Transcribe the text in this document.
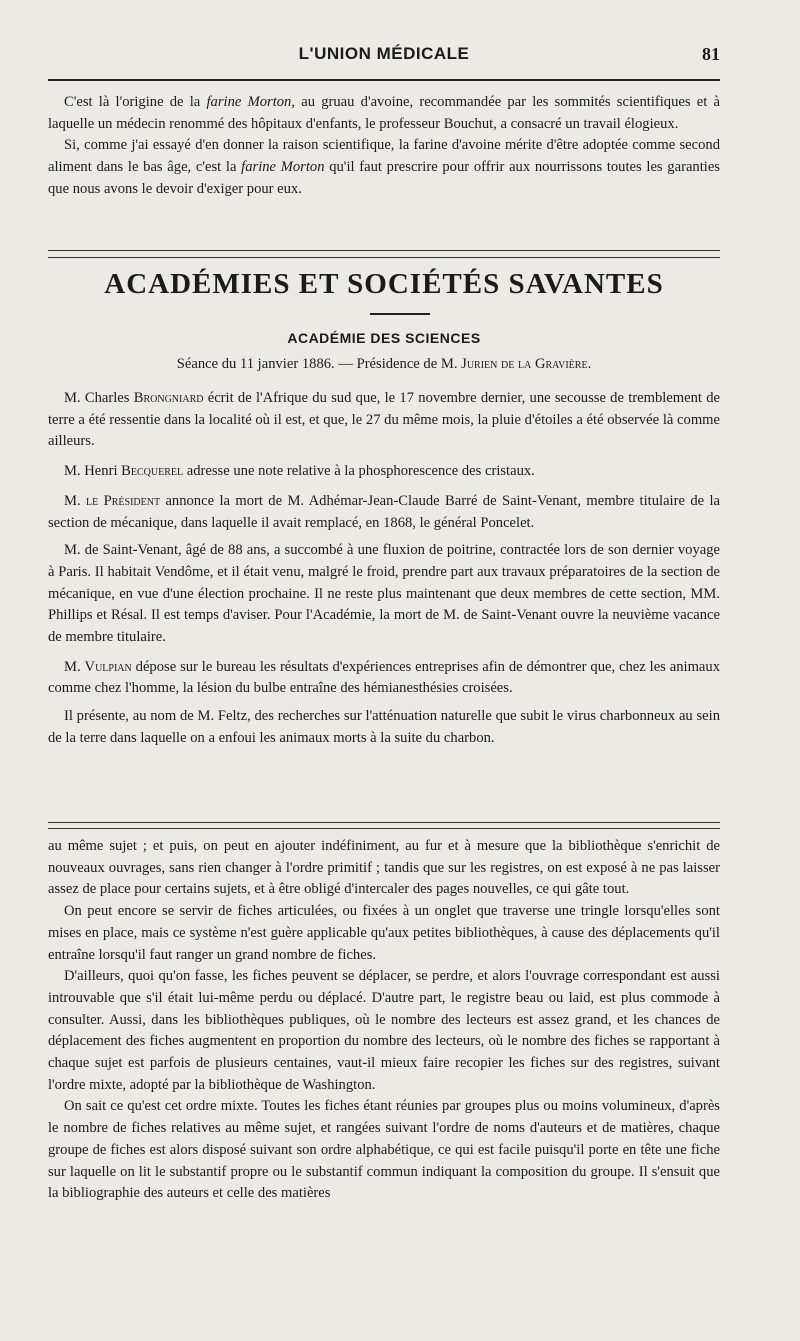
L'UNION MÉDICALE	81

C'est là l'origine de la farine Morton, au gruau d'avoine, recommandée par les sommités scientifiques et à laquelle un médecin renommé des hôpitaux d'enfants, le professeur Bouchut, a consacré un travail élogieux.

Si, comme j'ai essayé d'en donner la raison scientifique, la farine d'avoine mérite d'être adoptée comme second aliment dans le bas âge, c'est la farine Morton qu'il faut prescrire pour offrir aux nourrissons toutes les garanties que nous avons le devoir d'exiger pour eux.

ACADÉMIES ET SOCIÉTÉS SAVANTES
ACADÉMIE DES SCIENCES
Séance du 11 janvier 1886. — Présidence de M. Jurien de la Gravière.

M. Charles Brongniard écrit de l'Afrique du sud que, le 17 novembre dernier, une secousse de tremblement de terre a été ressentie dans la localité où il est, et que, le 27 du même mois, la pluie d'étoiles a été observée là comme ailleurs.

M. Henri Becquerel adresse une note relative à la phosphorescence des cristaux.

M. le Président annonce la mort de M. Adhémar-Jean-Claude Barré de Saint-Venant, membre titulaire de la section de mécanique, dans laquelle il avait remplacé, en 1868, le général Poncelet.

M. de Saint-Venant, âgé de 88 ans, a succombé à une fluxion de poitrine, contractée lors de son dernier voyage à Paris. Il habitait Vendôme, et il était venu, malgré le froid, prendre part aux travaux préparatoires de la section de mécanique, en vue d'une élection prochaine. Il ne reste plus maintenant que deux membres de cette section, MM. Phillips et Résal. Il est temps d'aviser. Pour l'Académie, la mort de M. de Saint-Venant ouvre la neuvième vacance de membre titulaire.

M. Vulpian dépose sur le bureau les résultats d'expériences entreprises afin de démontrer que, chez les animaux comme chez l'homme, la lésion du bulbe entraîne des hémianesthésies croisées.

Il présente, au nom de M. Feltz, des recherches sur l'atténuation naturelle que subit le virus charbonneux au sein de la terre dans laquelle on a enfoui les animaux morts à la suite du charbon.

au même sujet ; et puis, on peut en ajouter indéfiniment, au fur et à mesure que la bibliothèque s'enrichit de nouveaux ouvrages, sans rien changer à l'ordre primitif ; tandis que sur les registres, on est exposé à ne pas laisser assez de place pour certains sujets, et à être obligé d'intercaler des pages nouvelles, ce qui gâte tout.

On peut encore se servir de fiches articulées, ou fixées à un onglet que traverse une tringle lorsqu'elles sont mises en place, mais ce système n'est guère applicable qu'aux petites bibliothèques, à cause des déplacements qu'il entraîne lorsqu'il faut ranger un grand nombre de fiches.

D'ailleurs, quoi qu'on fasse, les fiches peuvent se déplacer, se perdre, et alors l'ouvrage correspondant est aussi introuvable que s'il était lui-même perdu ou déplacé. D'autre part, le registre beau ou laid, est plus commode à consulter. Aussi, dans les bibliothèques publiques, où le nombre des lecteurs est assez grand, et les chances de déplacement des fiches augmentent en proportion du nombre des lecteurs, où le nombre des fiches se rapportant à chaque sujet est parfois de plusieurs centaines, vaut-il mieux faire recopier les fiches sur des registres, suivant l'ordre mixte, adopté par la bibliothèque de Washington.

On sait ce qu'est cet ordre mixte. Toutes les fiches étant réunies par groupes plus ou moins volumineux, d'après le nombre de fiches relatives au même sujet, et rangées suivant l'ordre de noms d'auteurs et de matières, chaque groupe de fiches est alors disposé suivant son ordre alphabétique, ce qui est facile puisqu'il porte en tête une fiche sur laquelle on lit le substantif propre ou le substantif commun indiquant la composition du groupe. Il s'ensuit que la bibliographie des auteurs et celle des matières
